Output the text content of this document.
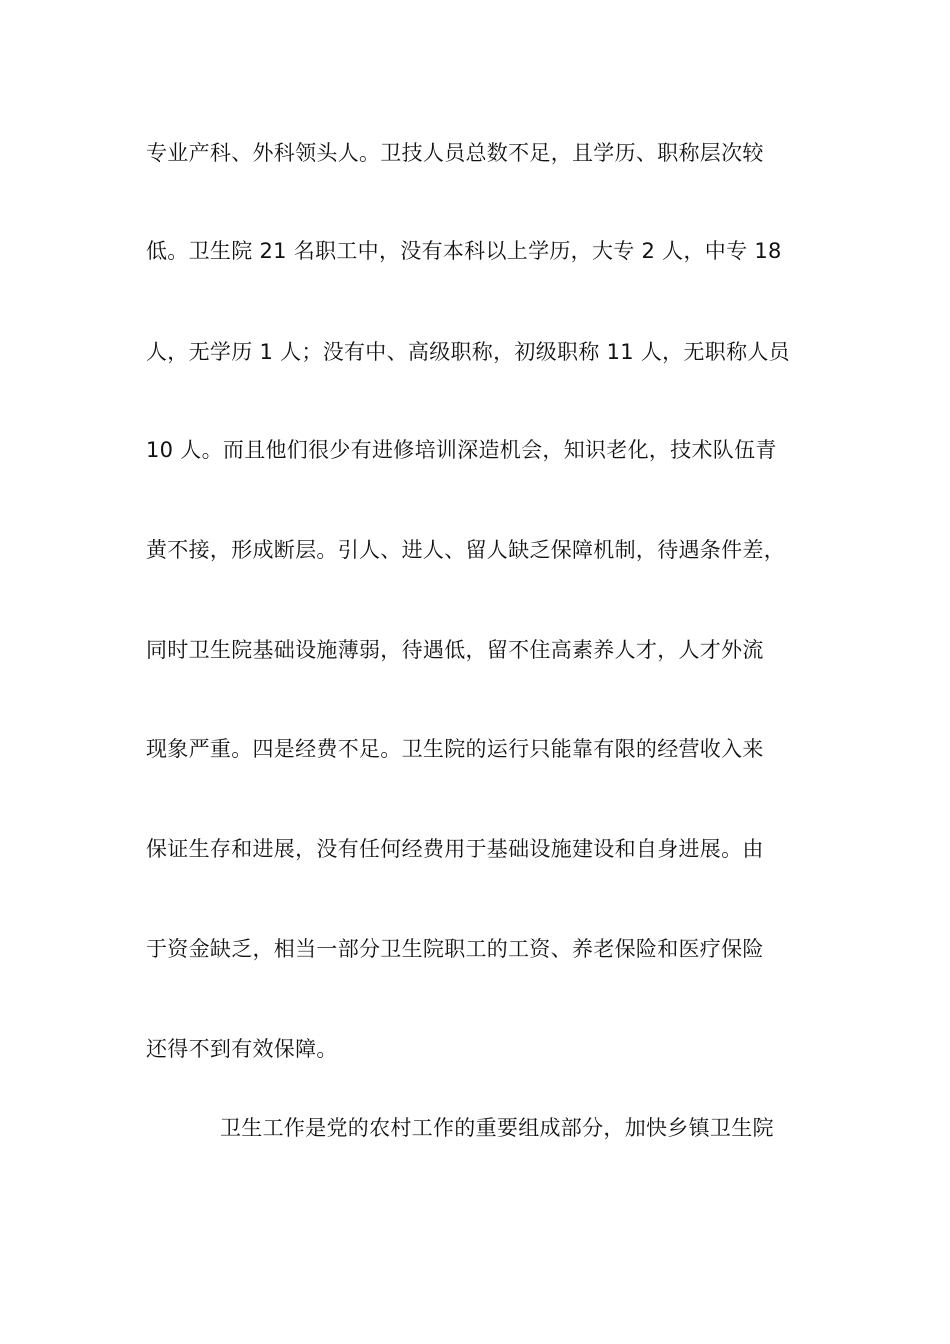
专业产科、外科领头人。卫技人员总数不足，且学历、职称层次较
低。卫生院 21 名职工中，没有本科以上学历，大专 2 人，中专 18
人，无学历 1 人；没有中、高级职称，初级职称 11 人，无职称人员
10 人。而且他们很少有进修培训深造机会，知识老化，技术队伍青
黄不接，形成断层。引人、进人、留人缺乏保障机制，待遇条件差，
同时卫生院基础设施薄弱，待遇低，留不住高素养人才，人才外流
现象严重。四是经费不足。卫生院的运行只能靠有限的经营收入来
保证生存和进展，没有任何经费用于基础设施建设和自身进展。由
于资金缺乏，相当一部分卫生院职工的工资、养老保险和医疗保险
还得不到有效保障。
卫生工作是党的农村工作的重要组成部分，加快乡镇卫生院
